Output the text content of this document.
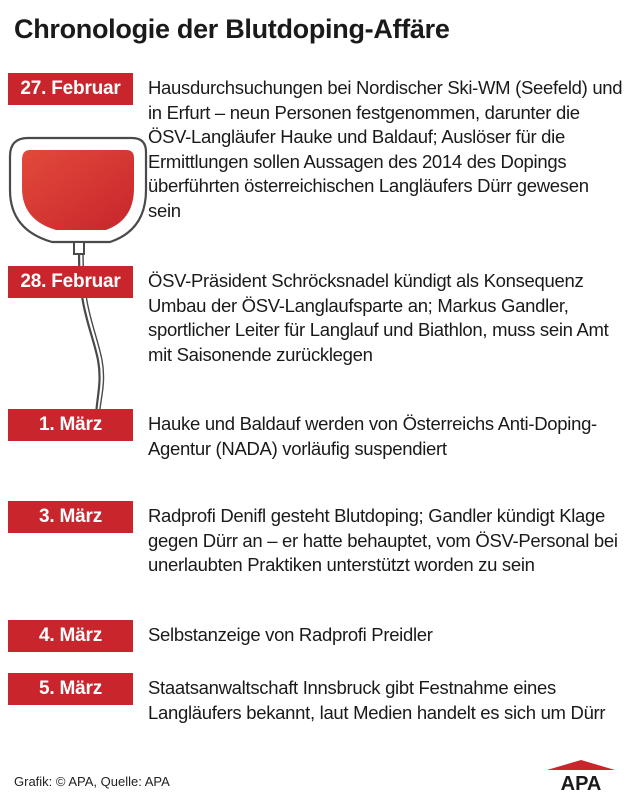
Chronologie der Blutdoping-Affäre
27. Februar	Hausdurchsuchungen bei Nordischer Ski-WM (Seefeld) und in Erfurt – neun Personen festgenommen, darunter die ÖSV-Langläufer Hauke und Baldauf; Auslöser für die Ermittlungen sollen Aussagen des 2014 des Dopings überführten österreichischen Langläufers Dürr gewesen sein

28. Februar	ÖSV-Präsident Schröcksnadel kündigt als Konsequenz Umbau der ÖSV-Langlaufsparte an; Markus Gandler, sportlicher Leiter für Langlauf und Biathlon, muss sein Amt mit Saisonende zurücklegen

1. März	Hauke und Baldauf werden von Österreichs Anti-Doping-Agentur (NADA) vorläufig suspendiert

3. März	Radprofi Denifl gesteht Blutdoping; Gandler kündigt Klage gegen Dürr an – er hatte behauptet, vom ÖSV-Personal bei unerlaubten Praktiken unterstützt worden zu sein

4. März	Selbstanzeige von Radprofi Preidler

5. März	Staatsanwaltschaft Innsbruck gibt Festnahme eines Langläufers bekannt, laut Medien handelt es sich um Dürr

Grafik: © APA, Quelle: APA	APA
